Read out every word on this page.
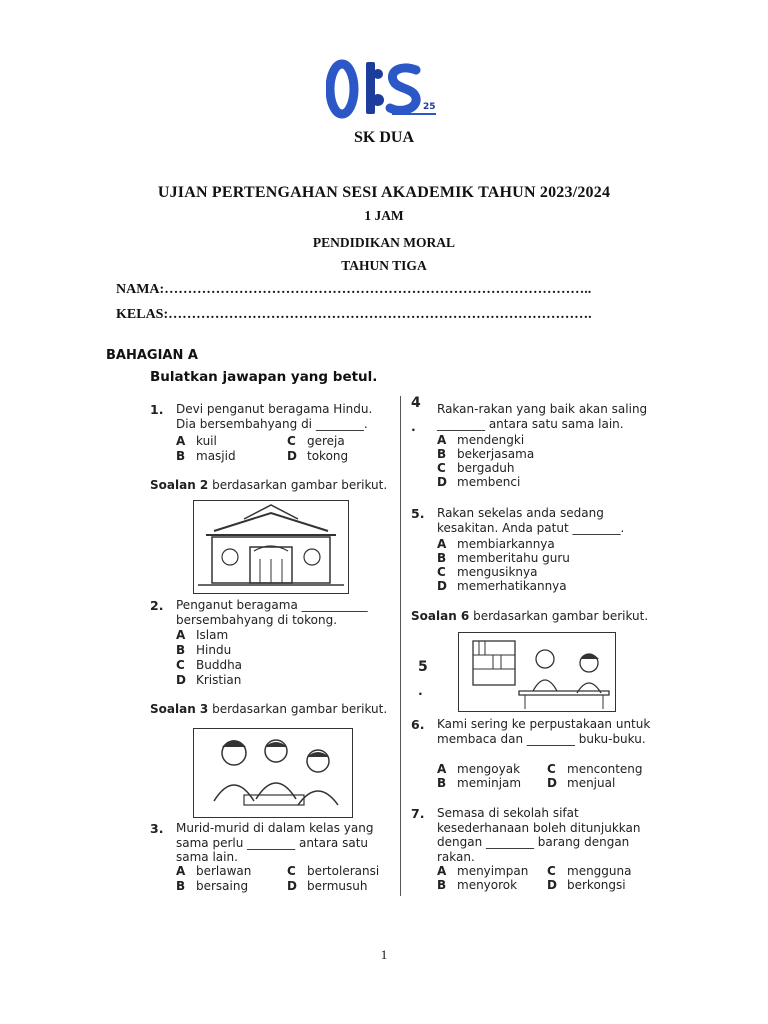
25
SK DUA
UJIAN PERTENGAHAN SESI AKADEMIK TAHUN 2023/2024
1 JAM
PENDIDIKAN MORAL
TAHUN TIGA
NAMA:………………………………………………………………………………..
KELAS:……………………………………………………………………………….
BAHAGIAN A
Bulatkan jawapan yang betul.
1. Devi penganut beragama Hindu. Dia bersembahyang di ________.
A kuil
B masjid
C gereja
D tokong
Soalan 2 berdasarkan gambar berikut.
2. Penganut beragama ___________ bersembahyang di tokong.
A Islam
B Hindu
C Buddha
D Kristian
Soalan 3 berdasarkan gambar berikut.
3. Murid-murid di dalam kelas yang sama perlu ________ antara satu sama lain.
A berlawan
B bersaing
C bertoleransi
D bermusuh
4
.
Rakan-rakan yang baik akan saling ________ antara satu sama lain.
A mendengki
B bekerjasama
C bergaduh
D membenci
5. Rakan sekelas anda sedang kesakitan. Anda patut ________.
A membiarkannya
B memberitahu guru
C mengusiknya
D memerhatikannya
Soalan 6 berdasarkan gambar berikut.
5
.
6. Kami sering ke perpustakaan untuk membaca dan ________ buku-buku.
A mengoyak
B meminjam
C menconteng
D menjual
7. Semasa di sekolah sifat kesederhanaan boleh ditunjukkan dengan ________ barang dengan rakan.
A menyimpan
B menyorok
C mengguna
D berkongsi
1
